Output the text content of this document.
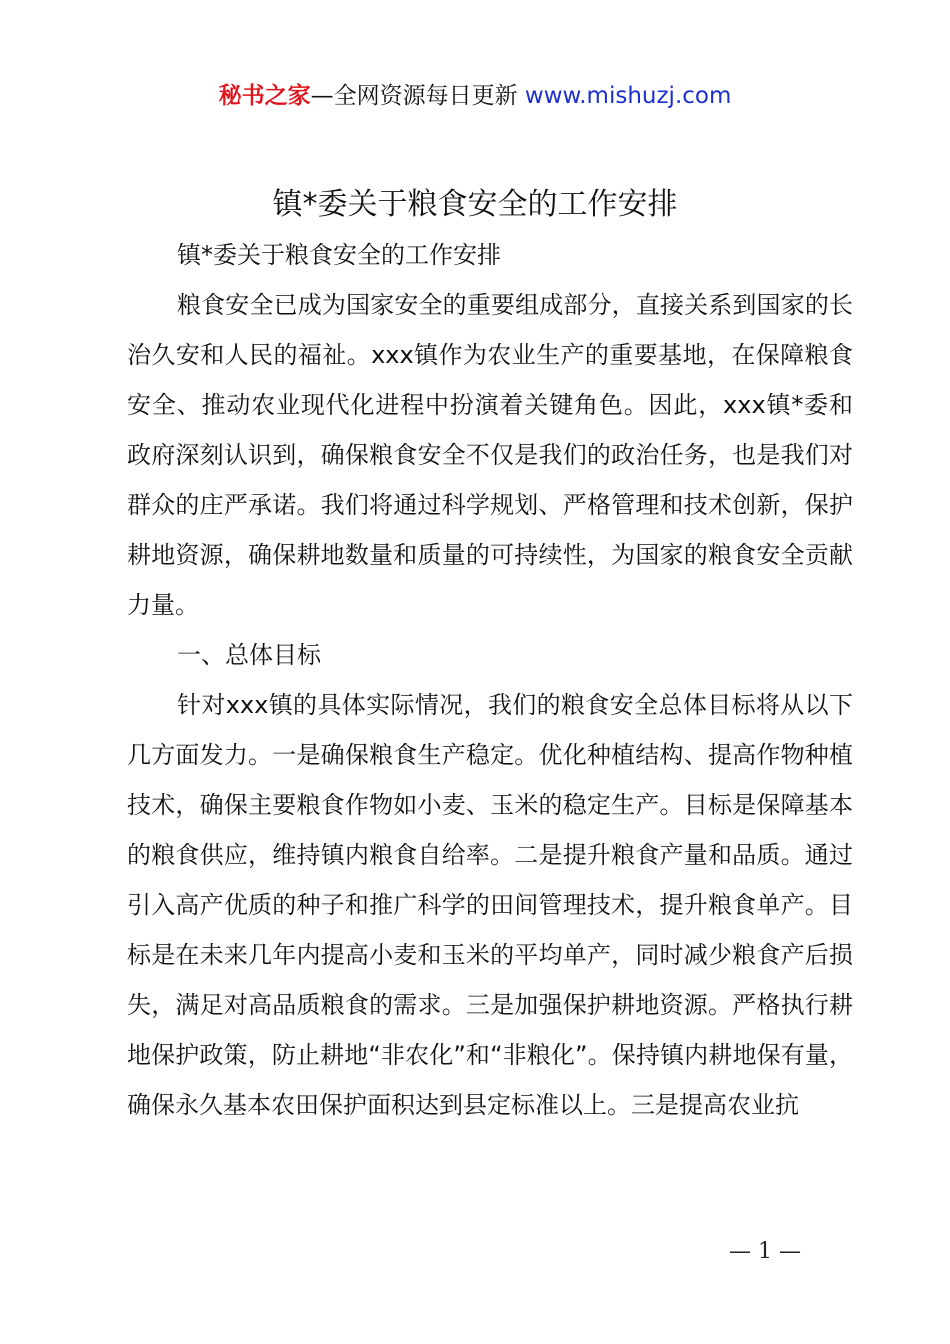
秘书之家—全网资源每日更新 www.mishuzj.com
镇*委关于粮食安全的工作安排

镇*委关于粮食安全的工作安排

粮食安全已成为国家安全的重要组成部分，直接关系到国家的长治久安和人民的福祉。xxx镇作为农业生产的重要基地，在保障粮食安全、推动农业现代化进程中扮演着关键角色。因此，xxx镇*委和政府深刻认识到，确保粮食安全不仅是我们的政治任务，也是我们对群众的庄严承诺。我们将通过科学规划、严格管理和技术创新，保护耕地资源，确保耕地数量和质量的可持续性，为国家的粮食安全贡献力量。

一、总体目标

针对xxx镇的具体实际情况，我们的粮食安全总体目标将从以下几方面发力。一是确保粮食生产稳定。优化种植结构、提高作物种植技术，确保主要粮食作物如小麦、玉米的稳定生产。目标是保障基本的粮食供应，维持镇内粮食自给率。二是提升粮食产量和品质。通过引入高产优质的种子和推广科学的田间管理技术，提升粮食单产。目标是在未来几年内提高小麦和玉米的平均单产，同时减少粮食产后损失，满足对高品质粮食的需求。三是加强保护耕地资源。严格执行耕地保护政策，防止耕地“非农化”和“非粮化”。保持镇内耕地保有量，确保永久基本农田保护面积达到县定标准以上。三是提高农业抗

— 1 —
